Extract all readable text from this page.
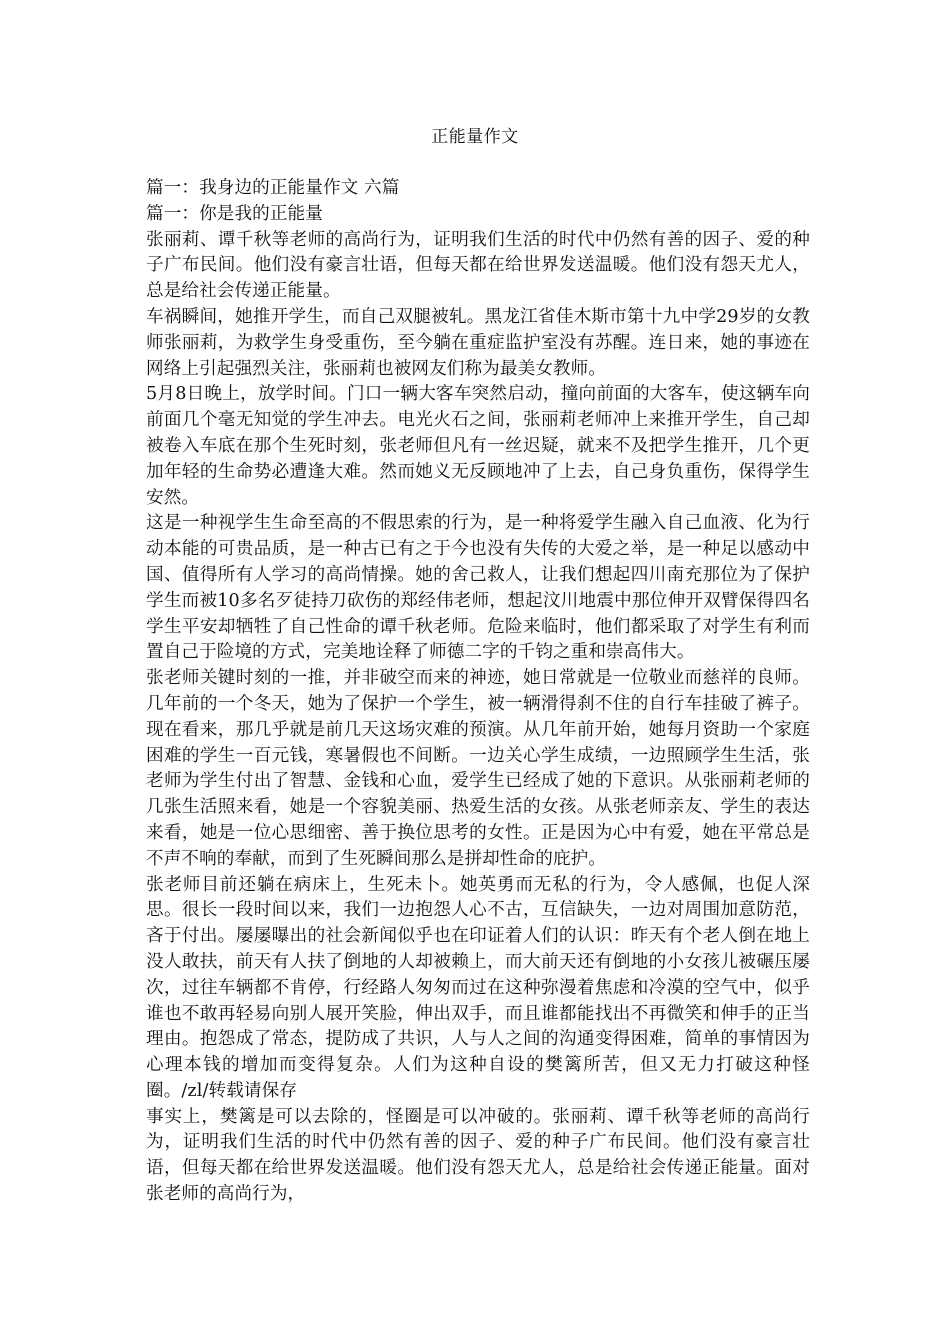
正能量作文

篇一：我身边的正能量作文 六篇

篇一：你是我的正能量

张丽莉、谭千秋等老师的高尚行为，证明我们生活的时代中仍然有善的因子、爱的种子广布民间。他们没有豪言壮语，但每天都在给世界发送温暖。他们没有怨天尤人，总是给社会传递正能量。

车祸瞬间，她推开学生，而自己双腿被轧。黑龙江省佳木斯市第十九中学29岁的女教师张丽莉，为救学生身受重伤，至今躺在重症监护室没有苏醒。连日来，她的事迹在网络上引起强烈关注，张丽莉也被网友们称为最美女教师。

5月8日晚上，放学时间。门口一辆大客车突然启动，撞向前面的大客车，使这辆车向前面几个毫无知觉的学生冲去。电光火石之间，张丽莉老师冲上来推开学生，自己却被卷入车底在那个生死时刻，张老师但凡有一丝迟疑，就来不及把学生推开，几个更加年轻的生命势必遭逢大难。然而她义无反顾地冲了上去，自己身负重伤，保得学生安然。

这是一种视学生生命至高的不假思索的行为，是一种将爱学生融入自己血液、化为行动本能的可贵品质，是一种古已有之于今也没有失传的大爱之举，是一种足以感动中国、值得所有人学习的高尚情操。她的舍己救人，让我们想起四川南充那位为了保护学生而被10多名歹徒持刀砍伤的郑经伟老师，想起汶川地震中那位伸开双臂保得四名学生平安却牺牲了自己性命的谭千秋老师。危险来临时，他们都采取了对学生有利而置自己于险境的方式，完美地诠释了师德二字的千钧之重和崇高伟大。

张老师关键时刻的一推，并非破空而来的神迹，她日常就是一位敬业而慈祥的良师。几年前的一个冬天，她为了保护一个学生，被一辆滑得刹不住的自行车挂破了裤子。现在看来，那几乎就是前几天这场灾难的预演。从几年前开始，她每月资助一个家庭困难的学生一百元钱，寒暑假也不间断。一边关心学生成绩，一边照顾学生生活，张老师为学生付出了智慧、金钱和心血，爱学生已经成了她的下意识。从张丽莉老师的几张生活照来看，她是一个容貌美丽、热爱生活的女孩。从张老师亲友、学生的表达来看，她是一位心思细密、善于换位思考的女性。正是因为心中有爱，她在平常总是不声不响的奉献，而到了生死瞬间那么是拼却性命的庇护。

张老师目前还躺在病床上，生死未卜。她英勇而无私的行为，令人感佩，也促人深思。很长一段时间以来，我们一边抱怨人心不古，互信缺失，一边对周围加意防范，吝于付出。屡屡曝出的社会新闻似乎也在印证着人们的认识：昨天有个老人倒在地上没人敢扶，前天有人扶了倒地的人却被赖上，而大前天还有倒地的小女孩儿被碾压屡次，过往车辆都不肯停，行经路人匆匆而过在这种弥漫着焦虑和冷漠的空气中，似乎谁也不敢再轻易向别人展开笑脸，伸出双手，而且谁都能找出不再微笑和伸手的正当理由。抱怨成了常态，提防成了共识，人与人之间的沟通变得困难，简单的事情因为心理本钱的增加而变得复杂。人们为这种自设的樊篱所苦，但又无力打破这种怪圈。/zl/转载请保存

事实上，樊篱是可以去除的，怪圈是可以冲破的。张丽莉、谭千秋等老师的高尚行为，证明我们生活的时代中仍然有善的因子、爱的种子广布民间。他们没有豪言壮语，但每天都在给世界发送温暖。他们没有怨天尤人，总是给社会传递正能量。面对张老师的高尚行为，
